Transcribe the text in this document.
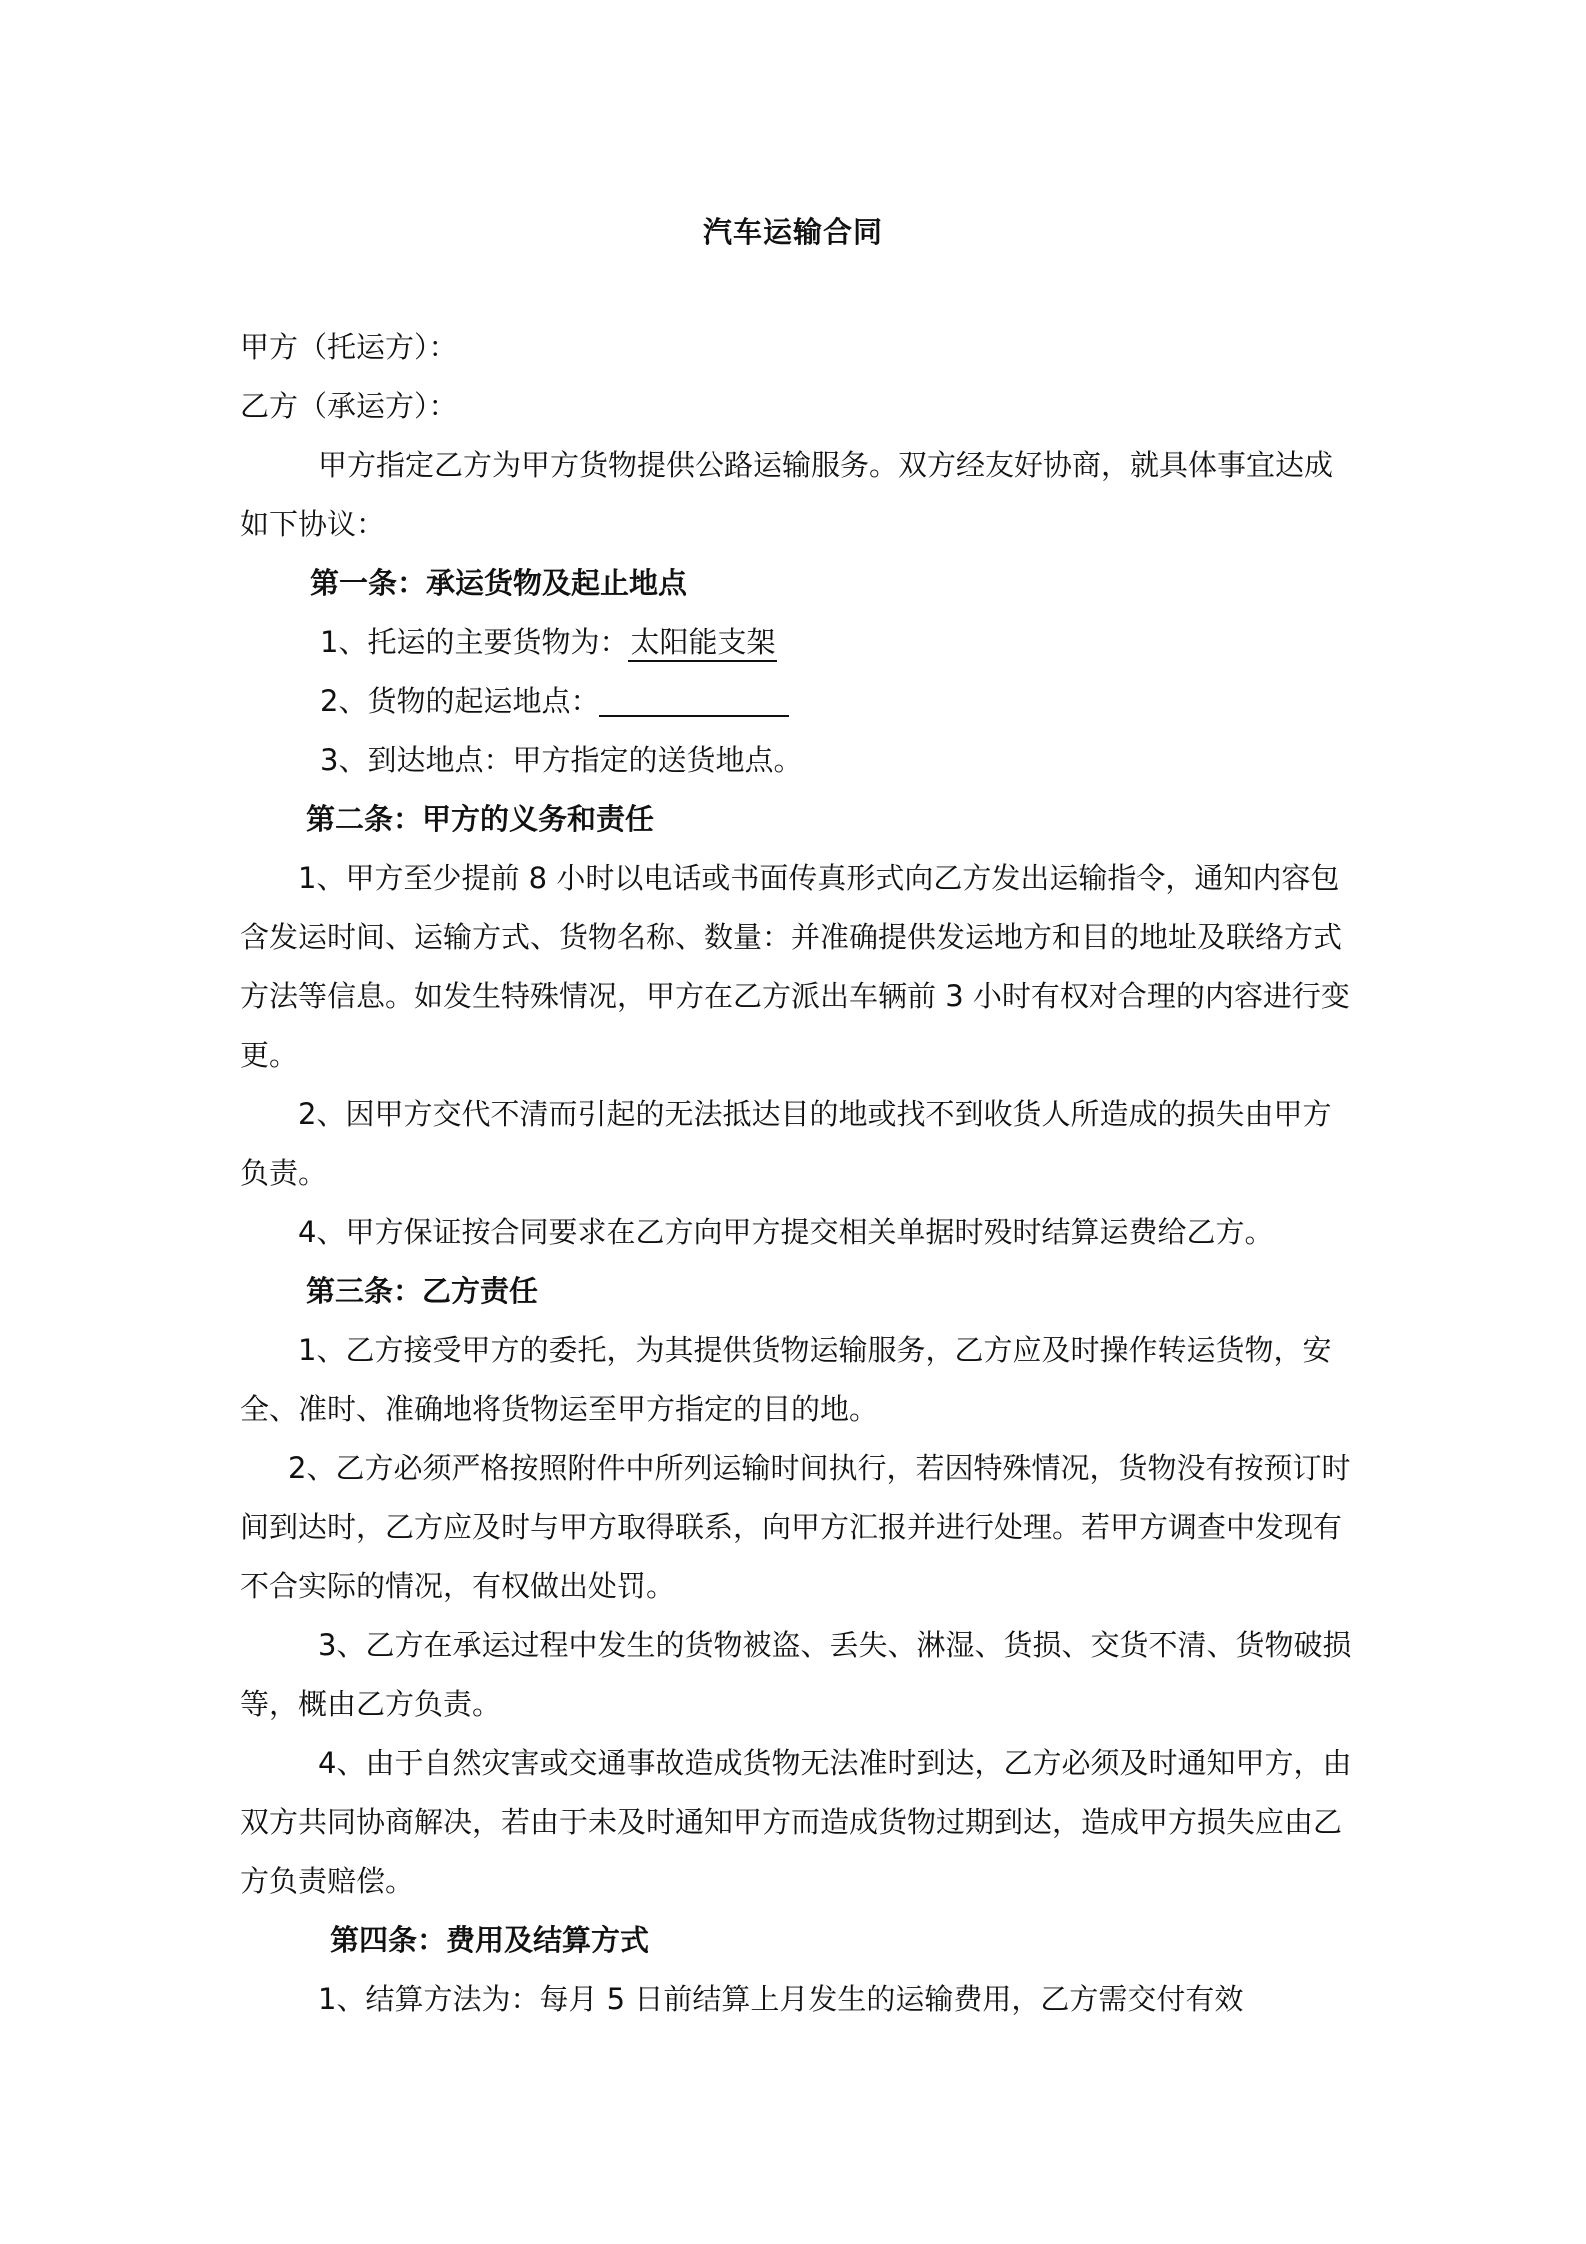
汽车运输合同

甲方（托运方）：

乙方（承运方）：

甲方指定乙方为甲方货物提供公路运输服务。双方经友好协商，就具体事宜达成如下协议：

第一条：承运货物及起止地点

1、托运的主要货物为：太阳能支架

2、货物的起运地点：

3、到达地点：甲方指定的送货地点。

第二条：甲方的义务和责任

1、甲方至少提前 8 小时以电话或书面传真形式向乙方发出运输指令，通知内容包含发运时间、运输方式、货物名称、数量：并准确提供发运地方和目的地址及联络方式方法等信息。如发生特殊情况，甲方在乙方派出车辆前 3 小时有权对合理的内容进行变更。

2、因甲方交代不清而引起的无法抵达目的地或找不到收货人所造成的损失由甲方负责。

4、甲方保证按合同要求在乙方向甲方提交相关单据时殁时结算运费给乙方。

第三条：乙方责任

1、乙方接受甲方的委托，为其提供货物运输服务，乙方应及时操作转运货物，安全、准时、准确地将货物运至甲方指定的目的地。

2、乙方必须严格按照附件中所列运输时间执行，若因特殊情况，货物没有按预订时间到达时，乙方应及时与甲方取得联系，向甲方汇报并进行处理。若甲方调查中发现有不合实际的情况，有权做出处罚。

3、乙方在承运过程中发生的货物被盗、丢失、淋湿、货损、交货不清、货物破损等，概由乙方负责。

4、由于自然灾害或交通事故造成货物无法准时到达，乙方必须及时通知甲方，由双方共同协商解决，若由于未及时通知甲方而造成货物过期到达，造成甲方损失应由乙方负责赔偿。

第四条：费用及结算方式

1、结算方法为：每月 5 日前结算上月发生的运输费用，乙方需交付有效
